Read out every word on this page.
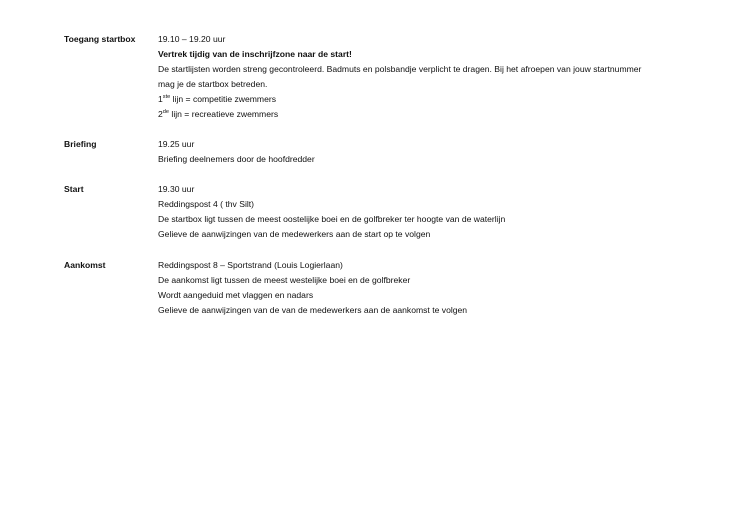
Toegang startbox	19.10 – 19.20 uur
Vertrek tijdig van de inschrijfzone naar de start!
De startlijsten worden streng gecontroleerd. Badmuts en polsbandje verplicht te dragen. Bij het afroepen van jouw startnummer
mag je de startbox betreden.
1ste lijn = competitie zwemmers
2de lijn = recreatieve zwemmers
Briefing	19.25 uur
Briefing deelnemers door de hoofdredder
Start	19.30 uur
Reddingspost 4 ( thv Silt)
De startbox ligt tussen de meest oostelijke boei en de golfbreker ter hoogte van de waterlijn
Gelieve de aanwijzingen van de medewerkers aan de start op te volgen
Aankomst	Reddingspost 8 – Sportstrand (Louis Logierlaan)
De aankomst ligt tussen de meest westelijke boei en de golfbreker
Wordt aangeduid met vlaggen en nadars
Gelieve de aanwijzingen van de van de medewerkers aan de aankomst te volgen
